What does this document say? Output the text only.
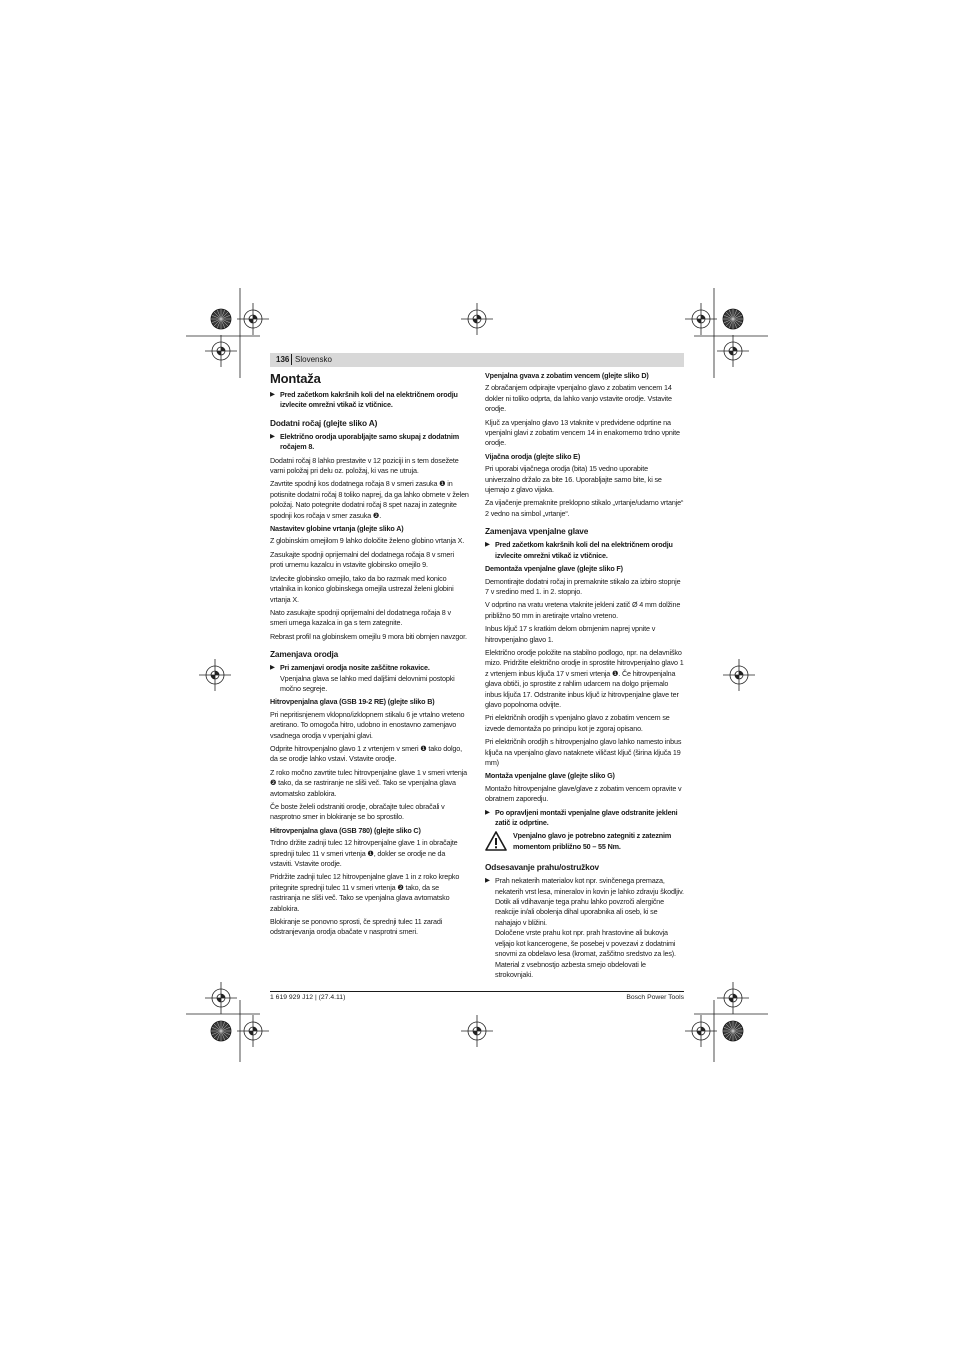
136 Slovensko
Montaža
▶ Pred začetkom kakršnih koli del na električnem orodju izvlecite omrežni vtikač iz vtičnice.
Dodatni ročaj (glejte sliko A)
▶ Električno orodja uporabljajte samo skupaj z dodatnim ročajem 8.

Dodatni ročaj 8 lahko prestavite v 12 poziciji in s tem dosežete varni položaj pri delu oz. položaj, ki vas ne utruja.

Zavrtite spodnji kos dodatnega ročaja 8 v smeri zasuka ❶ in potisnite dodatni ročaj 8 toliko naprej, da ga lahko obrnete v želen položaj. Nato potegnite dodatni ročaj 8 spet nazaj in zategnite spodnji kos ročaja v smer zasuka ❷.

Nastavitev globine vrtanja (glejte sliko A)

Z globinskim omejilom 9 lahko določite želeno globino vrtanja X.

Zasukajte spodnji oprijemalni del dodatnega ročaja 8 v smeri proti urnemu kazalcu in vstavite globinsko omejilo 9.

Izvlecite globinsko omejilo, tako da bo razmak med konico vrtalnika in konico globinskega omejila ustrezal želeni globini vrtanja X.

Nato zasukajte spodnji oprijemalni del dodatnega ročaja 8 v smeri urnega kazalca in ga s tem zategnite.

Rebrast profil na globinskem omejilu 9 mora biti obrnjen navzgor.

Zamenjava orodja
▶ Pri zamenjavi orodja nosite zaščitne rokavice.
Vpenjalna glava se lahko med daljšimi delovnimi postopki močno segreje.
Hitrovpenjalna glava (GSB 19-2 RE) (glejte sliko B)

Pri nepritisnjenem vklopno/izklopnem stikalu 6 je vrtalno vreteno aretirano. To omogoča hitro, udobno in enostavno zamenjavo vsadnega orodja v vpenjalni glavi.

Odprite hitrovpenjalno glavo 1 z vrtenjem v smeri ❶ tako dolgo, da se orodje lahko vstavi. Vstavite orodje.

Z roko močno zavrtite tulec hitrovpenjalne glave 1 v smeri vrtenja ❷ tako, da se rastriranje ne sliši več. Tako se vpenjalna glava avtomatsko zablokira.

Če boste želeli odstraniti orodje, obračajte tulec obračali v nasprotno smer in blokiranje se bo sprostilo.

Hitrovpenjalna glava (GSB 780) (glejte sliko C)

Trdno držite zadnji tulec 12 hitrovpenjalne glave 1 in obračajte sprednji tulec 11 v smeri vrtenja ❶, dokler se orodje ne da vstaviti. Vstavite orodje.

Pridržite zadnji tulec 12 hitrovpenjalne glave 1 in z roko krepko pritegnite sprednji tulec 11 v smeri vrtenja ❷ tako, da se rastriranja ne sliši več. Tako se vpenjalna glava avtomatsko zablokira.

Blokiranje se ponovno sprosti, če sprednji tulec 11 zaradi odstranjevanja orodja obačate v nasprotni smeri.

Vpenjalna gvava z zobatim vencem (glejte sliko D)

Z obračanjem odpirajte vpenjalno glavo z zobatim vencem 14 dokler ni toliko odprta, da lahko vanjo vstavite orodje. Vstavite orodje.

Ključ za vpenjalno glavo 13 vtaknite v predvidene odprtine na vpenjalni glavi z zobatim vencem 14 in enakomerno trdno vpnite orodje.

Vijačna orodja (glejte sliko E)

Pri uporabi vijačnega orodja (bita) 15 vedno uporabite univerzalno držalo za bite 16. Uporabljajte samo bite, ki se ujemajo z glavo vijaka.

Za vijačenje premaknite preklopno stikalo „vrtanje/udarno vrtanje“ 2 vedno na simbol „vrtanje“.

Zamenjava vpenjalne glave
▶ Pred začetkom kakršnih koli del na električnem orodju izvlecite omrežni vtikač iz vtičnice.
Demontaža vpenjalne glave (glejte sliko F)

Demontirajte dodatni ročaj in premaknite stikalo za izbiro stopnje 7 v sredino med 1. in 2. stopnjo.

V odprtino na vratu vretena vtaknite jekleni zatič Ø 4 mm dolžine približno 50 mm in aretirajte vrtalno vreteno.

Inbus ključ 17 s kratkim delom obrnjenim naprej vpnite v hitrovpenjalno glavo 1.

Električno orodje položite na stabilno podlogo, npr. na delavniško mizo. Pridržite električno orodje in sprostite hitrovpenjalno glavo 1 z vrtenjem inbus ključa 17 v smeri vrtenja ❶. Če hitrovpenjalna glava obtiči, jo sprostite z rahlim udarcem na dolgo prijemalo inbus ključa 17. Odstranite inbus ključ iz hitrovpenjalne glave ter glavo popolnoma odvijte.

Pri električnih orodjih s vpenjalno glavo z zobatim vencem se izvede demontaža po principu kot je zgoraj opisano.

Pri električnih orodjih s hitrovpenjalno glavo lahko namesto inbus ključa na vpenjalno glavo nataknete viličast ključ (širina ključa 19 mm)

Montaža vpenjalne glave (glejte sliko G)

Montažo hitrovpenjalne glave/glave z zobatim vencem opravite v obratnem zaporedju.

▶ Po opravljeni montaži vpenjalne glave odstranite jekleni zatič iz odprtine.
Vpenjalno glavo je potrebno zategniti z zateznim momentom približno 50 – 55 Nm.
Odsesavanje prahu/ostružkov
▶ Prah nekaterih materialov kot npr. svinčenega premaza, nekaterih vrst lesa, mineralov in kovin je lahko zdravju škodljiv. Dotik ali vdihavanje tega prahu lahko povzroči alergične reakcije in/ali obolenja dihal uporabnika ali oseb, ki se nahajajo v bližini.
Določene vrste prahu kot npr. prah hrastovine ali bukovja veljajo kot kancerogene, še posebej v povezavi z dodatnimi snovmi za obdelavo lesa (kromat, zaščitno sredstvo za les). Material z vsebnostjo azbesta smejo obdelovati le strokovnjaki.
1 619 929 J12 | (27.4.11)	Bosch Power Tools
